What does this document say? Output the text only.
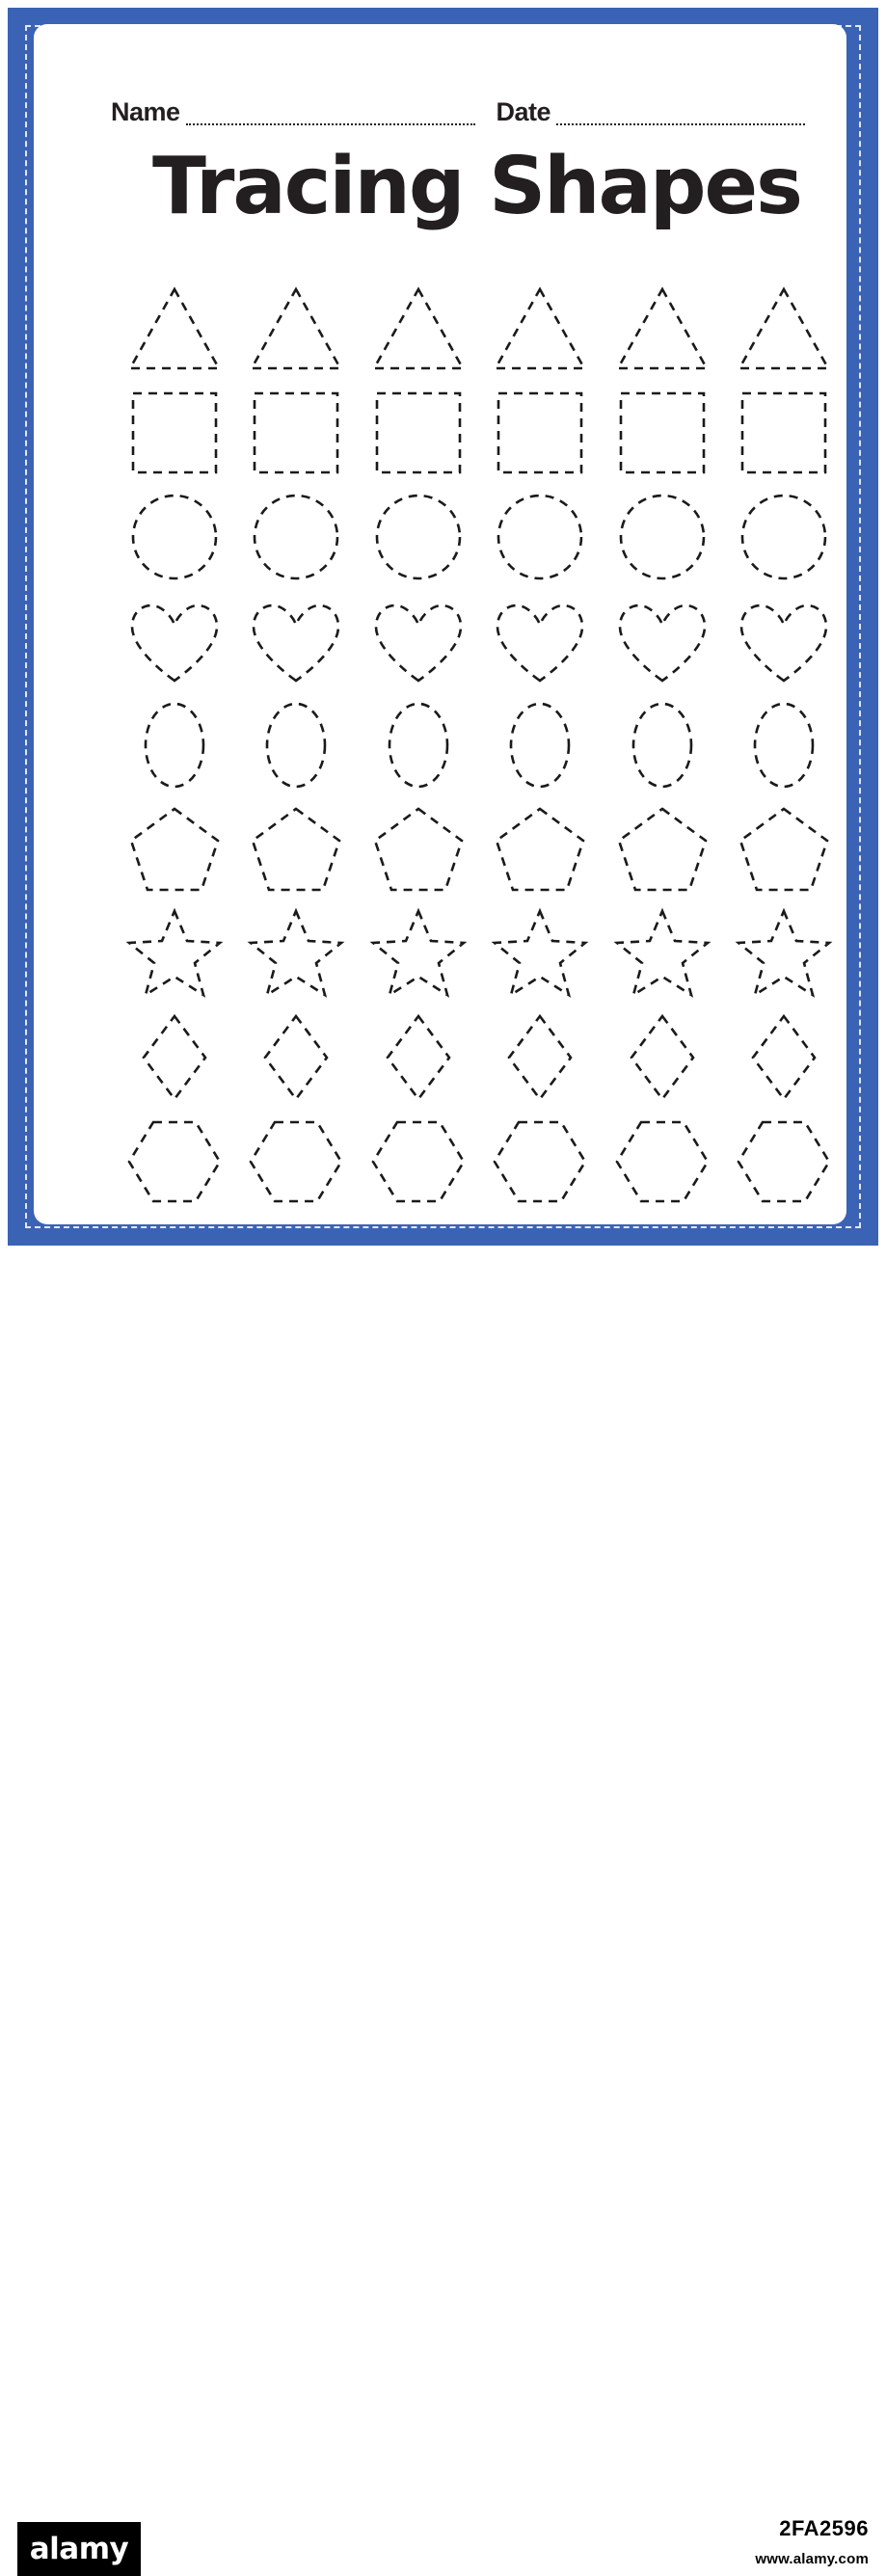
Name	Date
Tracing Shapes
alamy
2FA2596
www.alamy.com
